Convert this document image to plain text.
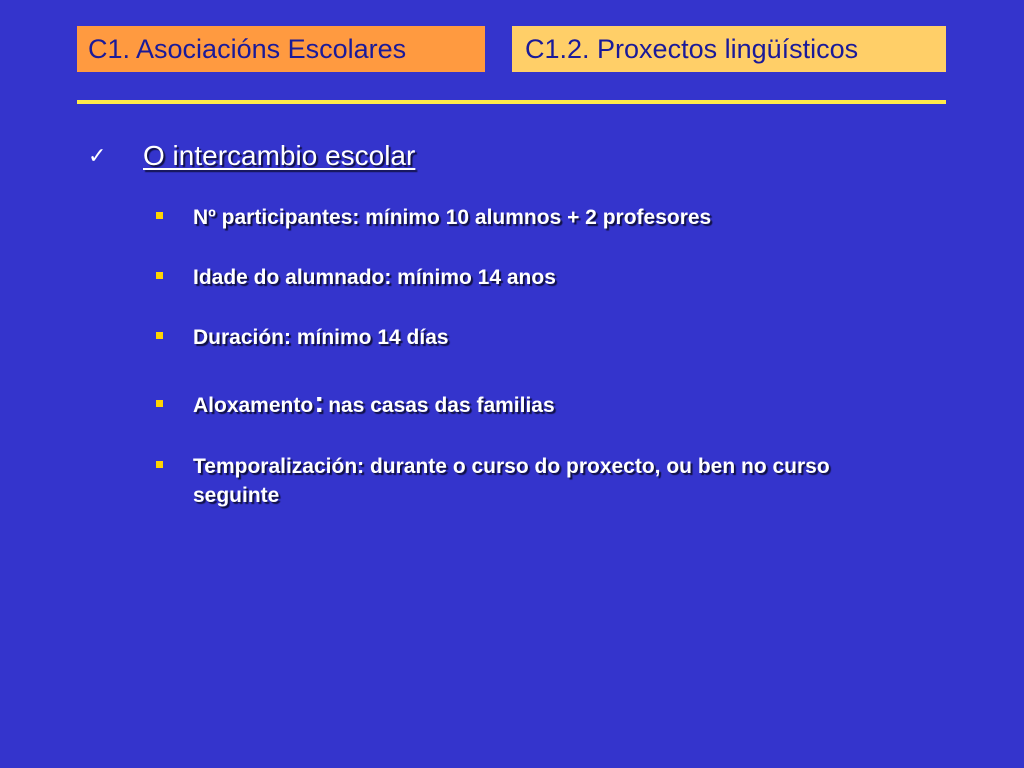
C1. Asociacións Escolares	C1.2. Proxectos lingüísticos
✓	O intercambio escolar
Nº participantes: mínimo 10 alumnos + 2 profesores
Idade do alumnado: mínimo 14 anos
Duración: mínimo 14 días
Aloxamento: nas casas das familias
Temporalización: durante o curso do proxecto, ou ben no curso seguinte
